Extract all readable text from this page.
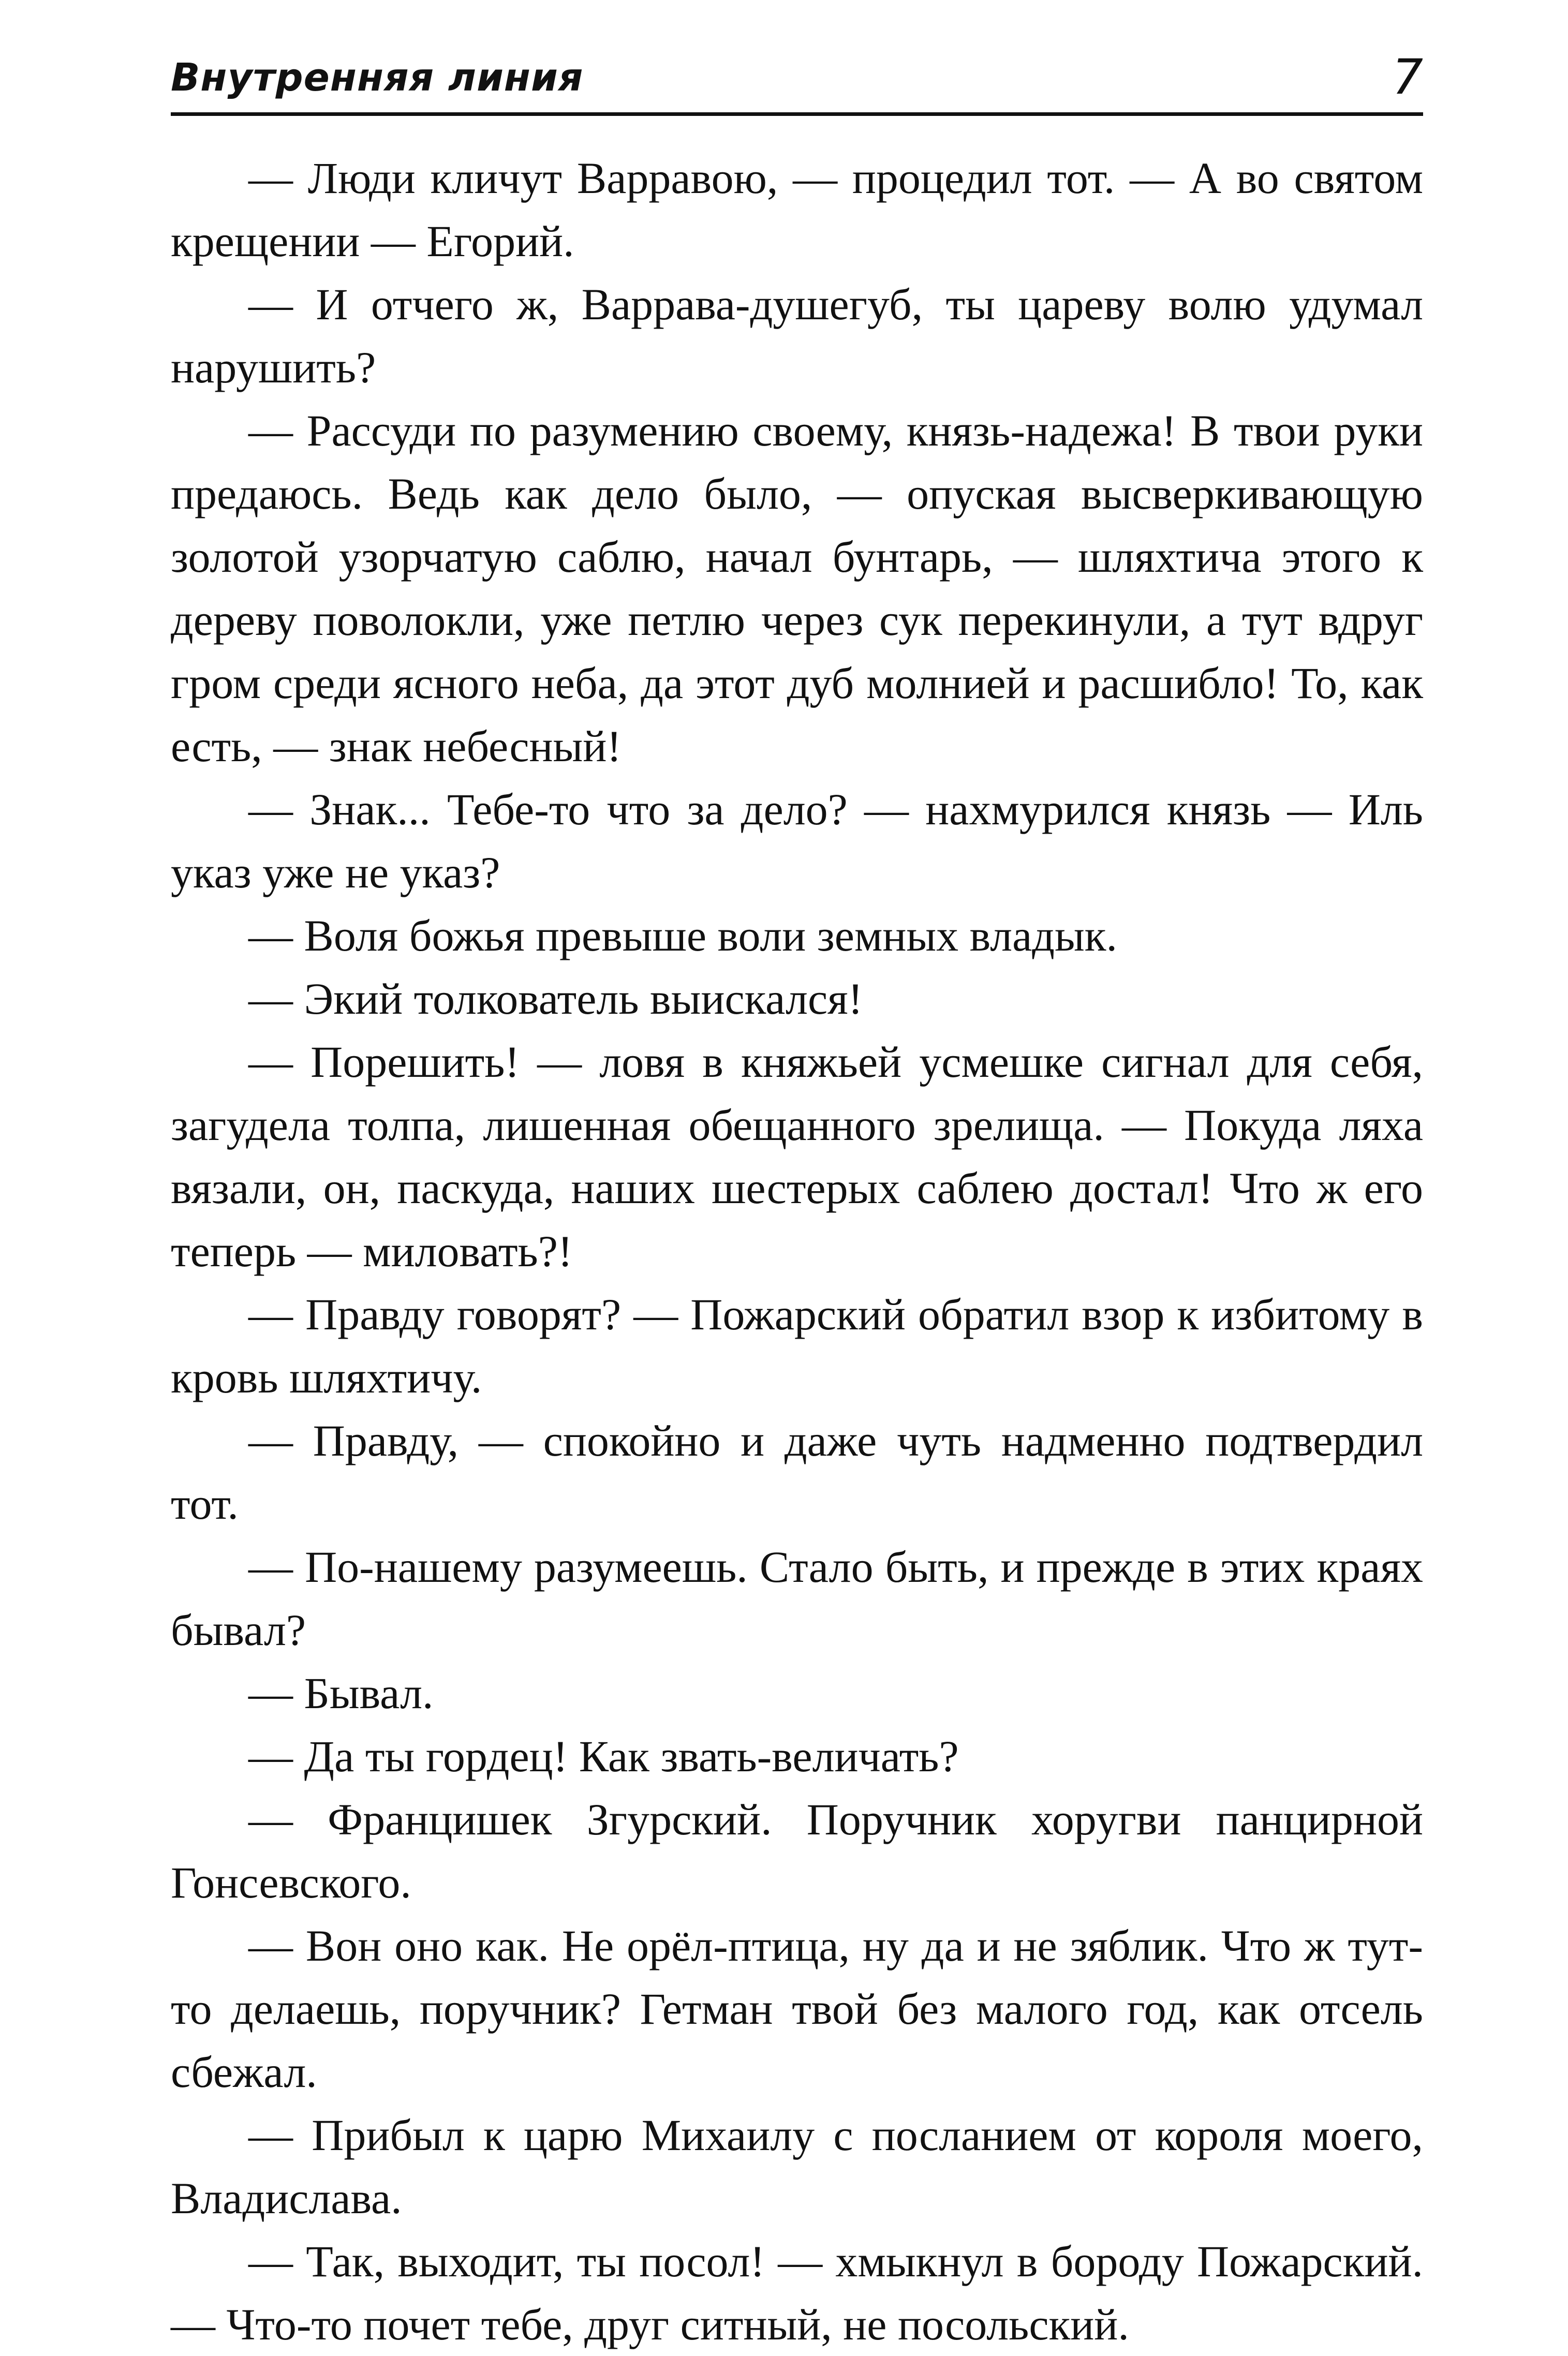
Внутренняя линия	7

— Люди кличут Варравою, — процедил тот. — А во святом крещении — Егорий.

— И отчего ж, Варрава-душегуб, ты цареву волю удумал нарушить?

— Рассуди по разумению своему, князь-надежа! В твои руки предаюсь. Ведь как дело было, — опуская высверкивающую золотой узорчатую саблю, начал бунтарь, — шляхтича этого к дереву поволокли, уже петлю через сук перекинули, а тут вдруг гром среди ясного неба, да этот дуб молнией и расшибло! То, как есть, — знак небесный!

— Знак... Тебе-то что за дело? — нахмурился князь — Иль указ уже не указ?

— Воля божья превыше воли земных владык.

— Экий толкователь выискался!

— Порешить! — ловя в княжьей усмешке сигнал для себя, загудела толпа, лишенная обещанного зрелища. — Покуда ляха вязали, он, паскуда, наших шестерых саблею достал! Что ж его теперь — миловать?!

— Правду говорят? — Пожарский обратил взор к избитому в кровь шляхтичу.

— Правду, — спокойно и даже чуть надменно подтвердил тот.

— По-нашему разумеешь. Стало быть, и прежде в этих краях бывал?

— Бывал.

— Да ты гордец! Как звать-величать?

— Францишек Згурский. Поручник хоругви панцирной Гонсевского.

— Вон оно как. Не орёл-птица, ну да и не зяблик. Что ж тут-то делаешь, поручник? Гетман твой без малого год, как отсель сбежал.

— Прибыл к царю Михаилу с посланием от короля моего, Владислава.

— Так, выходит, ты посол! — хмыкнул в бороду Пожарский. — Что-то почет тебе, друг ситный, не посольский.
